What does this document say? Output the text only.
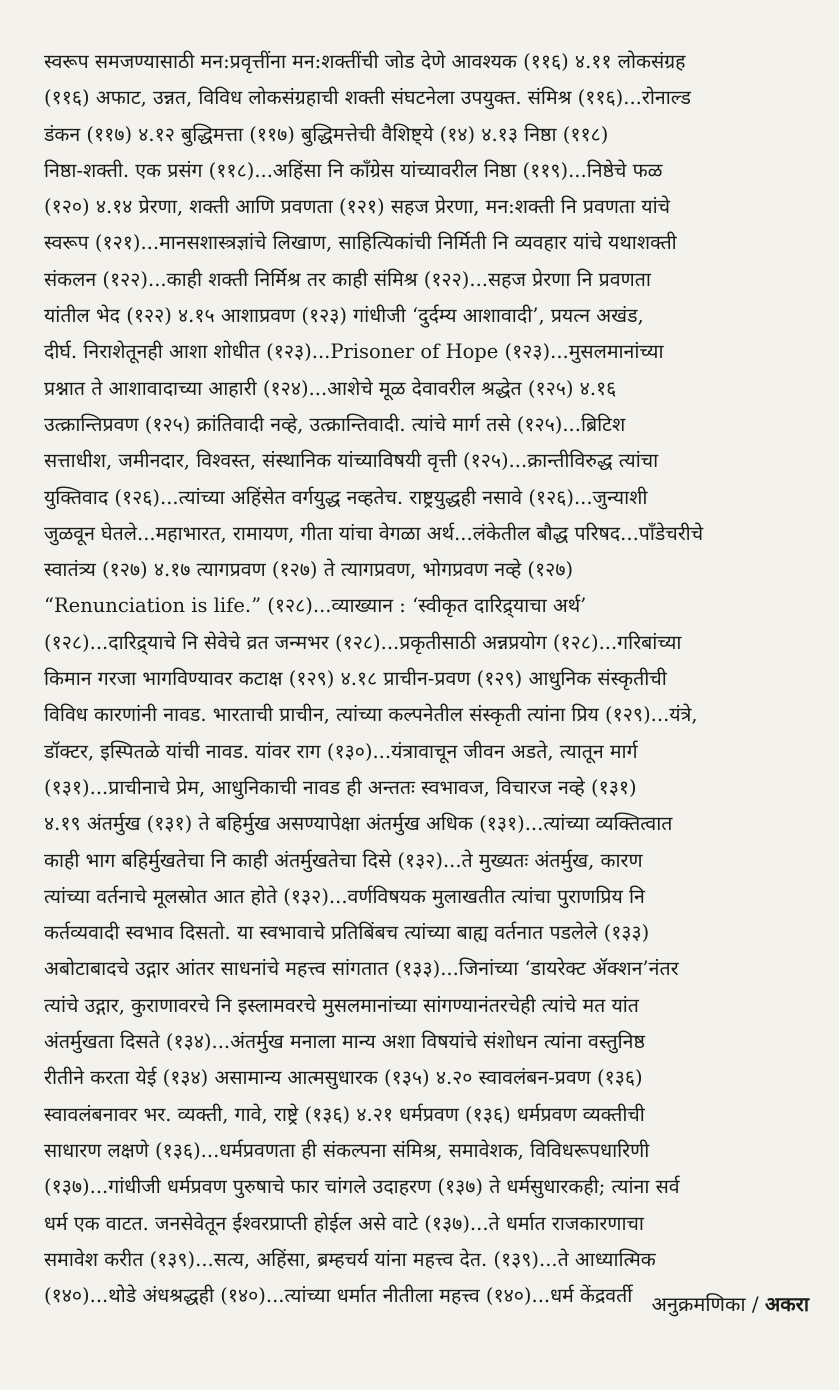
स्वरूप समजण्यासाठी मन:प्रवृत्तींना मन:शक्तींची जोड देणे आवश्यक (११६) ४.११ लोकसंग्रह
(११६) अफाट, उन्नत, विविध लोकसंग्रहाची शक्ती संघटनेला उपयुक्त. संमिश्र (११६)...रोनाल्ड
डंकन (११७) ४.१२ बुद्धिमत्ता (११७) बुद्धिमत्तेची वैशिष्ट्ये (१४) ४.१३ निष्ठा (११८)
निष्ठा-शक्ती. एक प्रसंग (११८)...अहिंसा नि काँग्रेस यांच्यावरील निष्ठा (११९)...निष्ठेचे फळ
(१२०) ४.१४ प्रेरणा, शक्ती आणि प्रवणता (१२१) सहज प्रेरणा, मन:शक्ती नि प्रवणता यांचे
स्वरूप (१२१)...मानसशास्त्रज्ञांचे लिखाण, साहित्यिकांची निर्मिती नि व्यवहार यांचे यथाशक्ती
संकलन (१२२)...काही शक्ती निर्मिश्र तर काही संमिश्र (१२२)...सहज प्रेरणा नि प्रवणता
यांतील भेद (१२२) ४.१५ आशाप्रवण (१२३) गांधीजी ‘दुर्दम्य आशावादी’, प्रयत्न अखंड,
दीर्घ. निराशेतूनही आशा शोधीत (१२३)...Prisoner of Hope (१२३)...मुसलमानांच्या
प्रश्नात ते आशावादाच्या आहारी (१२४)...आशेचे मूळ देवावरील श्रद्धेत (१२५) ४.१६
उत्क्रान्तिप्रवण (१२५) क्रांतिवादी नव्हे, उत्क्रान्तिवादी. त्यांचे मार्ग तसे (१२५)...ब्रिटिश
सत्ताधीश, जमीनदार, विश्वस्त, संस्थानिक यांच्याविषयी वृत्ती (१२५)...क्रान्तीविरुद्ध त्यांचा
युक्तिवाद (१२६)...त्यांच्या अहिंसेत वर्गयुद्ध नव्हतेच. राष्ट्रयुद्धही नसावे (१२६)...जुन्याशी
जुळवून घेतले...महाभारत, रामायण, गीता यांचा वेगळा अर्थ...लंकेतील बौद्ध परिषद...पाँडेचरीचे
स्वातंत्र्य (१२७) ४.१७ त्यागप्रवण (१२७) ते त्यागप्रवण, भोगप्रवण नव्हे (१२७)
“Renunciation is life.” (१२८)...व्याख्यान : ‘स्वीकृत दारिद्र्याचा अर्थ’
(१२८)...दारिद्र्याचे नि सेवेचे व्रत जन्मभर (१२८)...प्रकृतीसाठी अन्नप्रयोग (१२८)...गरिबांच्या
किमान गरजा भागविण्यावर कटाक्ष (१२९) ४.१८ प्राचीन-प्रवण (१२९) आधुनिक संस्कृतीची
विविध कारणांनी नावड. भारताची प्राचीन, त्यांच्या कल्पनेतील संस्कृती त्यांना प्रिय (१२९)...यंत्रे,
डॉक्टर, इस्पितळे यांची नावड. यांवर राग (१३०)...यंत्रावाचून जीवन अडते, त्यातून मार्ग
(१३१)...प्राचीनाचे प्रेम, आधुनिकाची नावड ही अन्ततः स्वभावज, विचारज नव्हे (१३१)
४.१९ अंतर्मुख (१३१) ते बहिर्मुख असण्यापेक्षा अंतर्मुख अधिक (१३१)...त्यांच्या व्यक्तित्वात
काही भाग बहिर्मुखतेचा नि काही अंतर्मुखतेचा दिसे (१३२)...ते मुख्यतः अंतर्मुख, कारण
त्यांच्या वर्तनाचे मूलस्रोत आत होते (१३२)...वर्णविषयक मुलाखतीत त्यांचा पुराणप्रिय नि
कर्तव्यवादी स्वभाव दिसतो. या स्वभावाचे प्रतिबिंबच त्यांच्या बाह्य वर्तनात पडलेले (१३३)
अबोटाबादचे उद्गार आंतर साधनांचे महत्त्व सांगतात (१३३)...जिनांच्या ‘डायरेक्ट ॲक्शन’नंतर
त्यांचे उद्गार, कुराणावरचे नि इस्लामवरचे मुसलमानांच्या सांगण्यानंतरचेही त्यांचे मत यांत
अंतर्मुखता दिसते (१३४)...अंतर्मुख मनाला मान्य अशा विषयांचे संशोधन त्यांना वस्तुनिष्ठ
रीतीने करता येई (१३४) असामान्य आत्मसुधारक (१३५) ४.२० स्वावलंबन-प्रवण (१३६)
स्वावलंबनावर भर. व्यक्ती, गावे, राष्ट्रे (१३६) ४.२१ धर्मप्रवण (१३६) धर्मप्रवण व्यक्तीची
साधारण लक्षणे (१३६)...धर्मप्रवणता ही संकल्पना संमिश्र, समावेशक, विविधरूपधारिणी
(१३७)...गांधीजी धर्मप्रवण पुरुषाचे फार चांगले उदाहरण (१३७) ते धर्मसुधारकही; त्यांना सर्व
धर्म एक वाटत. जनसेवेतून ईश्वरप्राप्ती होईल असे वाटे (१३७)...ते धर्मात राजकारणाचा
समावेश करीत (१३९)...सत्य, अहिंसा, ब्रम्हचर्य यांना महत्त्व देत. (१३९)...ते आध्यात्मिक
(१४०)...थोडे अंधश्रद्धही (१४०)...त्यांच्या धर्मात नीतीला महत्त्व (१४०)...धर्म केंद्रवर्ती अनुक्रमणिका / अकरा
